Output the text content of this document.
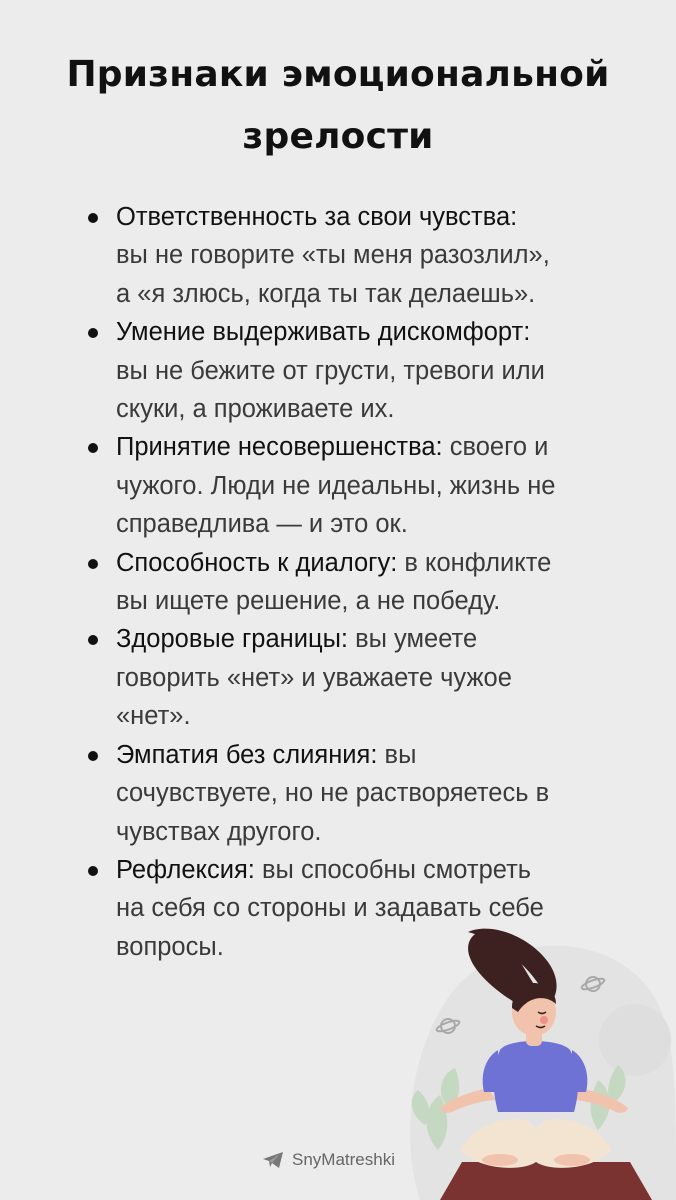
Признаки эмоциональной
зрелости
Ответственность за свои чувства:
вы не говорите «ты меня разозлил»,
а «я злюсь, когда ты так делаешь».
Умение выдерживать дискомфорт:
вы не бежите от грусти, тревоги или
скуки, а проживаете их.
Принятие несовершенства: своего и
чужого. Люди не идеальны, жизнь не
справедлива — и это ок.
Способность к диалогу: в конфликте
вы ищете решение, а не победу.
Здоровые границы: вы умеете
говорить «нет» и уважаете чужое
«нет».
Эмпатия без слияния: вы
сочувствуете, но не растворяетесь в
чувствах другого.
Рефлексия: вы способны смотреть
на себя со стороны и задавать себе
вопросы.
SnyMatreshki
